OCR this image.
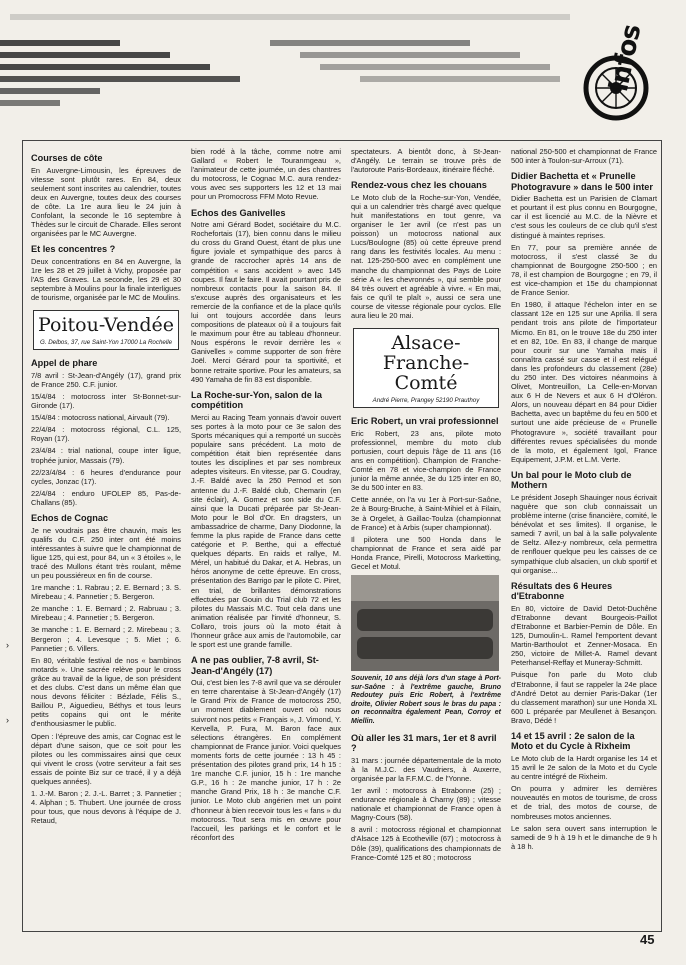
infos
Courses de côte

En Auvergne-Limousin, les épreuves de vitesse sont plutôt rares. En 84, deux seulement sont inscrites au calendrier, toutes deux en Auvergne, toutes deux des courses de côte. La 1re aura lieu le 24 juin à Confolant, la seconde le 16 septembre à Thèdes sur le circuit de Charade. Elles seront organisées par le MC Auvergne.

Et les concentres ?

Deux concentrations en 84 en Auvergne, la 1re les 28 et 29 juillet à Vichy, proposée par l'AS des Graves. La seconde, les 29 et 30 septembre à Moulins pour la finale interligues de tourisme, organisée par le MC de Moulins.

Poitou-Vendée
G. Delbos, 37, rue Saint-Yon 17000 La Rochelle
Appel de phare

7/8 avril : St-Jean-d'Angély (17), grand prix de France 250. C.F. junior.

15/4/84 : motocross inter St-Bonnet-sur-Gironde (17).

15/4/84 : motocross national, Airvault (79).

22/4/84 : motocross régional, C.L. 125, Royan (17).

23/4/84 : trial national, coupe inter ligue, trophée junior, Massais (79).

22/23/4/84 : 6 heures d'endurance pour cycles, Jonzac (17).

22/4/84 : enduro UFOLEP 85, Pas-de-Challans (85).

Echos de Cognac

Je ne voudrais pas être chauvin, mais les qualifs du C.F. 250 inter ont été moins intéressantes à suivre que le championnat de ligue 125, qui est, pour 84, un « 3 étoiles », le tracé des Mullons étant très roulant, même un peu poussiéreux en fin de course.

1re manche : 1. Rabrau ; 2. E. Bernard ; 3. S. Mirebeau ; 4. Pannetier ; 5. Bergeron.

2e manche : 1. E. Bernard ; 2. Rabruau ; 3. Mirebeau ; 4. Pannetier ; 5. Bergeron.

3e manche : 1. E. Bernard ; 2. Mirebeau ; 3. Bergeron ; 4. Levesque ; 5. Miet ; 6. Pannetier ; 6. Villers.

En 80, véritable festival de nos « bambinos motards ». Une sacrée relève pour le cross grâce au travail de la ligue, de son président et des clubs. C'est dans un même élan que nous devons féliciter : Bézlade, Félis S., Baillou P., Aiguedieu, Béthys et tous leurs petits copains qui ont le mérite d'enthousiasmer le public.

Open : l'épreuve des amis, car Cognac est le départ d'une saison, que ce soit pour les pilotes ou les commissaires ainsi que ceux qui vivent le cross (votre serviteur a fait ses essais de pointe Biz sur ce tracé, il y a déjà quelques années).

1. J.-M. Baron ; 2. J.-L. Barret ; 3. Pannetier ; 4. Alphan ; 5. Thubert. Une journée de cross pour tous, que nous devons à l'équipe de J. Retaud,

bien rodé à la tâche, comme notre ami Gallard « Robert le Touranmgeau », l'animateur de cette journée, un des chantres du motocross, le Cognac M.C. aura rendez-vous avec ses supporters les 12 et 13 mai pour un Promocross FFM Moto Revue.

Echos des Ganivelles

Notre ami Gérard Bodet, sociétaire du M.C. Rochefortais (17), bien connu dans le milieu du cross du Grand Ouest, étant de plus une figure joviale et sympathique des parcs à grande de raccrocher après 14 ans de compétition « sans accident » avec 145 coupes. Il faut le faire. Il avait pourtant pris de nombreux contacts pour la saison 84. Il s'excuse auprès des organisateurs et les remercie de la confiance et de la place qu'ils lui ont toujours accordée dans leurs compositions de plateaux où il a toujours fait le maximum pour être au tableau d'honneur. Nous espérons le revoir derrière les « Ganivelles » comme supporter de son frère Joël. Merci Gérard pour ta sportivité, et bonne retraite sportive. Pour les amateurs, sa 490 Yamaha de fin 83 est disponible.

La Roche-sur-Yon, salon de la compétition

Merci au Racing Team yonnais d'avoir ouvert ses portes à la moto pour ce 3e salon des Sports mécaniques qui a remporté un succès populaire sans précédent. La moto de compétition était bien représentée dans toutes les disciplines et par ses nombreux adeptes visiteurs. En vitesse, par G. Coudray, J.-F. Baldé avec la 250 Pernod et son antenne du J.-F. Baldé club, Chemarin (en site éclair), A. Gomez et son side du C.F. ainsi que la Ducati préparée par St-Jean-Moto pour le Bol d'Or. En dragsters, un ambassadrice de charme, Dany Diodonne, la femme la plus rapide de France dans cette catégorie et P. Berthe, qui a effectué quelques départs. En raids et rallye, M. Mérel, un habitué du Dakar, et A. Hebras, un héros anonyme de cette épreuve. En cross, présentation des Barrigo par le pilote C. Piret, en trial, de brillantes démonstrations effectuées par Gouin du Trial club 72 et les pilotes du Massais M.C. Tout cela dans une animation réalisée par l'invité d'honneur, S. Collaro, trois jours où la moto était à l'honneur grâce aux amis de l'automobile, car le sport est une grande famille.

A ne pas oublier, 7-8 avril, St-Jean-d'Angély (17)

Oui, c'est bien les 7-8 avril que va se dérouler en terre charentaise à St-Jean-d'Angély (17) le Grand Prix de France de motocross 250, un moment diablement ouvert où nous suivront nos petits « Français », J. Vimond, Y. Kervella, P. Fura, M. Baron face aux sélections étrangères. En complément championnat de France junior. Voici quelques moments forts de cette journée : 13 h 45 : présentation des pilotes grand prix, 14 h 15 : 1re manche C.F. junior, 15 h : 1re manche G.P., 16 h : 2e manche junior, 17 h : 2e manche Grand Prix, 18 h : 3e manche C.F. junior. Le Moto club angérien met un point d'honneur à bien recevoir tous les « fans » du motocross. Tout sera mis en œuvre pour l'accueil, les parkings et le confort et le réconfort des

spectateurs. A bientôt donc, à St-Jean-d'Angély. Le terrain se trouve près de l'autoroute Paris-Bordeaux, itinéraire fléché.

Rendez-vous chez les chouans

Le Moto club de la Roche-sur-Yon, Vendée, qui a un calendrier très chargé avec quelque huit manifestations en tout genre, va organiser le 1er avril (ce n'est pas un poisson) un motocross national aux Lucs/Boulogne (85) où cette épreuve prend rang dans les festivités locales. Au menu : nat. 125-250-500 avec en complément une manche du championnat des Pays de Loire série A « les chevronnés », qui semble pour 84 très ouvert et agréable à vivre. « En mai, fais ce qu'il te plaît », aussi ce sera une course de vitesse régionale pour cyclos. Elle aura lieu le 20 mai.

Alsace-Franche-Comté
André Pierre, Prangey 52190 Prauthoy
Eric Robert, un vrai professionnel

Eric Robert, 23 ans, pilote moto professionnel, membre du moto club portusien, court depuis l'âge de 11 ans (16 ans en compétition). Champion de Franche-Comté en 78 et vice-champion de France junior la même année, 3e du 125 inter en 80, 3e du 500 inter en 83.

Cette année, on l'a vu 1er à Port-sur-Saône, 2e à Bourg-Bruche, à Saint-Mihiel et à Filain, 3e à Orgelet, à Gaillac-Toulza (championnat de France) et à Arbis (super championnat).

Il pilotera une 500 Honda dans le championnat de France et sera aidé par Honda France, Pirelli, Motocross Marketting, Gecel et Motul.

Souvenir, 10 ans déjà lors d'un stage à Port-sur-Saône : à l'extrême gauche, Bruno Redoutey puis Eric Robert, à l'extrême droite, Olivier Robert sous le bras du papa : on reconnaîtra également Pean, Corroy et Miellin.

Où aller les 31 mars, 1er et 8 avril ?

31 mars : journée départementale de la moto à la M.J.C. des Vaudriers, à Auxerre, organisée par la F.F.M.C. de l'Yonne.

1er avril : motocross à Etrabonne (25) ; endurance régionale à Charny (89) ; vitesse nationale et championnat de France open à Magny-Cours (58).

8 avril : motocross régional et championnat d'Alsace 125 à Ecotheville (67) ; motocross à Dôle (39), qualifications des championnats de France-Comté 125 et 80 ; motocross

national 250-500 et championnat de France 500 inter à Toulon-sur-Arroux (71).

Didier Bachetta et « Prunelle Photogravure » dans le 500 inter

Didier Bachetta est un Parisien de Clamart et pourtant il est plus connu en Bourgogne, car il est licencié au M.C. de la Nièvre et c'est sous les couleurs de ce club qu'il s'est distingué à maintes reprises.

En 77, pour sa première année de motocross, il s'est classé 3e du championnat de Bourgogne 250-500 ; en 78, il est champion de Bourgogne ; en 79, il est vice-champion et 15e du championnat de France Senior.

En 1980, il attaque l'échelon inter en se classant 12e en 125 sur une Aprilia. Il sera pendant trois ans pilote de l'importateur Micmo. En 81, on le trouve 18e du 250 inter et en 82, 10e. En 83, il change de marque pour courir sur une Yamaha mais il connaîtra cassé sur casse et il est relégué dans les profondeurs du classement (28e) du 250 inter. Des victoires néanmoins à Olivet, Montreuillon, La Celle-en-Morvan aux 6 H de Nevers et aux 6 H d'Oléron. Alors, un nouveau départ en 84 pour Didier Bachetta, avec un baptême du feu en 500 et surtout une aide précieuse de « Prunelle Photogravure », société travaillant pour différentes revues spécialisées du monde de la moto, et également Igol, France Equipement, J.P.M. et L.M. Verte.

Un bal pour le Moto club de Mothern

Le président Joseph Shauinger nous écrivait naguère que son club connaissait un problème interne (crise financière, comité, le bénévolat et ses limites). Il organise, le samedi 7 avril, un bal à la salle polyvalente de Seltz. Allez-y nombreux, cela permettra de renflouer quelque peu les caisses de ce sympathique club alsacien, un club sportif et qui organise...

Résultats des 6 Heures d'Etrabonne

En 80, victoire de David Detot-Duchêne d'Etrabonne devant Bourgeois-Paillot d'Etrabonne et Barbier-Pernin de Dôle. En 125, Dumoulin-L. Ramel l'emportent devant Martin-Barthoulot et Zenner-Mosaca. En 250, victoire de Millet-A. Ramel devant Peterhansel-Reffay et Muneray-Schmitt.

Puisque l'on parle du Moto club d'Etrabonne, il faut se rappeler la 24e place d'André Detot au dernier Paris-Dakar (1er du classement marathon) sur une Honda XL 600 L préparée par Meullenet à Besançon. Bravo, Dédé !

14 et 15 avril : 2e salon de la Moto et du Cycle à Rixheim

Le Moto club de la Hardt organise les 14 et 15 avril le 2e salon de la Moto et du Cycle au centre intégré de Rixheim.

On pourra y admirer les dernières nouveautés en motos de tourisme, de cross et de trial, des motos de course, de nombreuses motos anciennes.

Le salon sera ouvert sans interruption le samedi de 9 h à 19 h et le dimanche de 9 h à 18 h.

›
›
45
